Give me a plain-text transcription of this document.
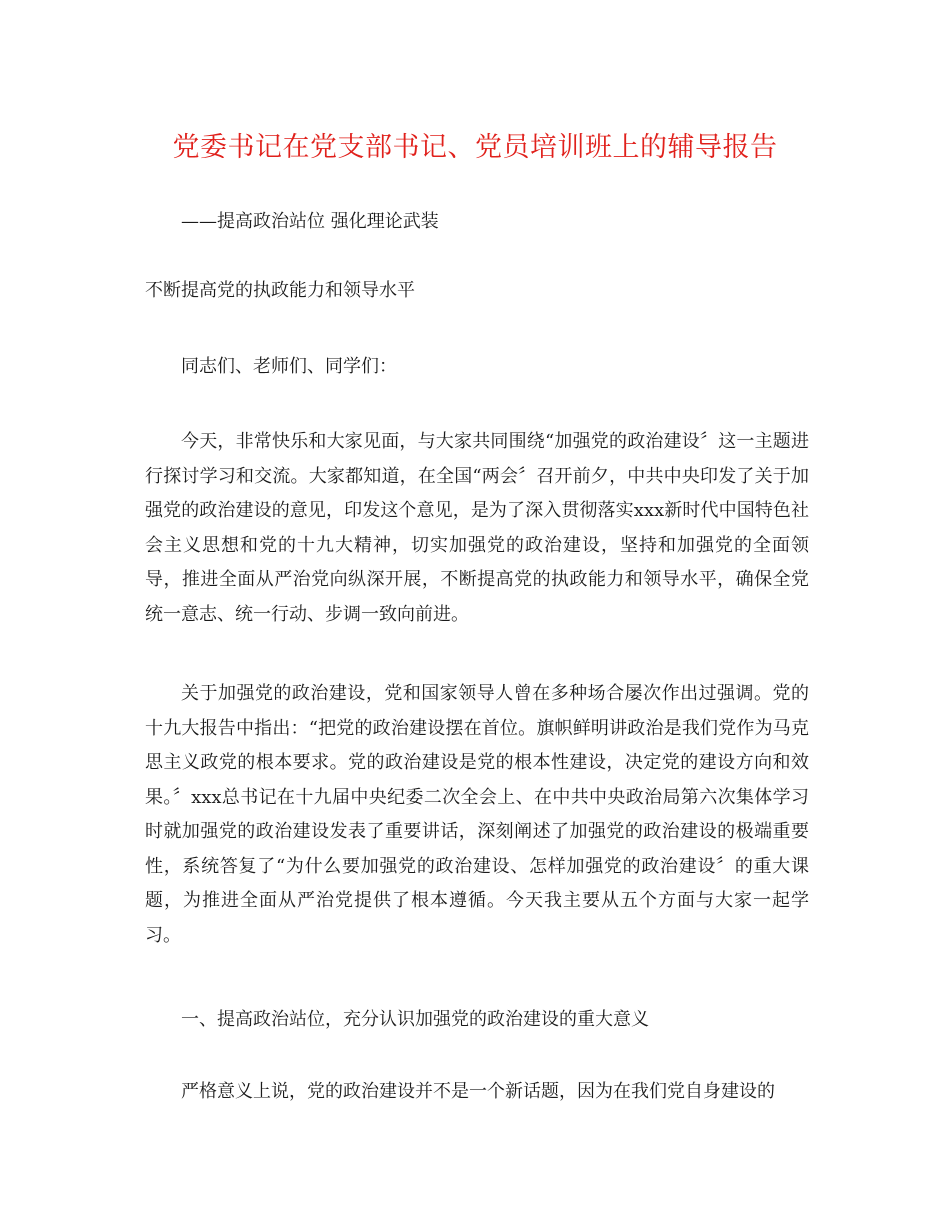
党委书记在党支部书记、党员培训班上的辅导报告

——提高政治站位 强化理论武装

不断提高党的执政能力和领导水平

同志们、老师们、同学们：

今天，非常快乐和大家见面，与大家共同围绕“加强党的政治建设〞这一主题进行探讨学习和交流。大家都知道，在全国“两会〞召开前夕，中共中央印发了关于加强党的政治建设的意见，印发这个意见，是为了深入贯彻落实xxx新时代中国特色社会主义思想和党的十九大精神，切实加强党的政治建设，坚持和加强党的全面领导，推进全面从严治党向纵深开展，不断提高党的执政能力和领导水平，确保全党统一意志、统一行动、步调一致向前进。

关于加强党的政治建设，党和国家领导人曾在多种场合屡次作出过强调。党的十九大报告中指出：“把党的政治建设摆在首位。旗帜鲜明讲政治是我们党作为马克思主义政党的根本要求。党的政治建设是党的根本性建设，决定党的建设方向和效果。〞xxx总书记在十九届中央纪委二次全会上、在中共中央政治局第六次集体学习时就加强党的政治建设发表了重要讲话，深刻阐述了加强党的政治建设的极端重要性，系统答复了“为什么要加强党的政治建设、怎样加强党的政治建设〞的重大课题，为推进全面从严治党提供了根本遵循。今天我主要从五个方面与大家一起学习。

一、提高政治站位，充分认识加强党的政治建设的重大意义

严格意义上说，党的政治建设并不是一个新话题，因为在我们党自身建设的
